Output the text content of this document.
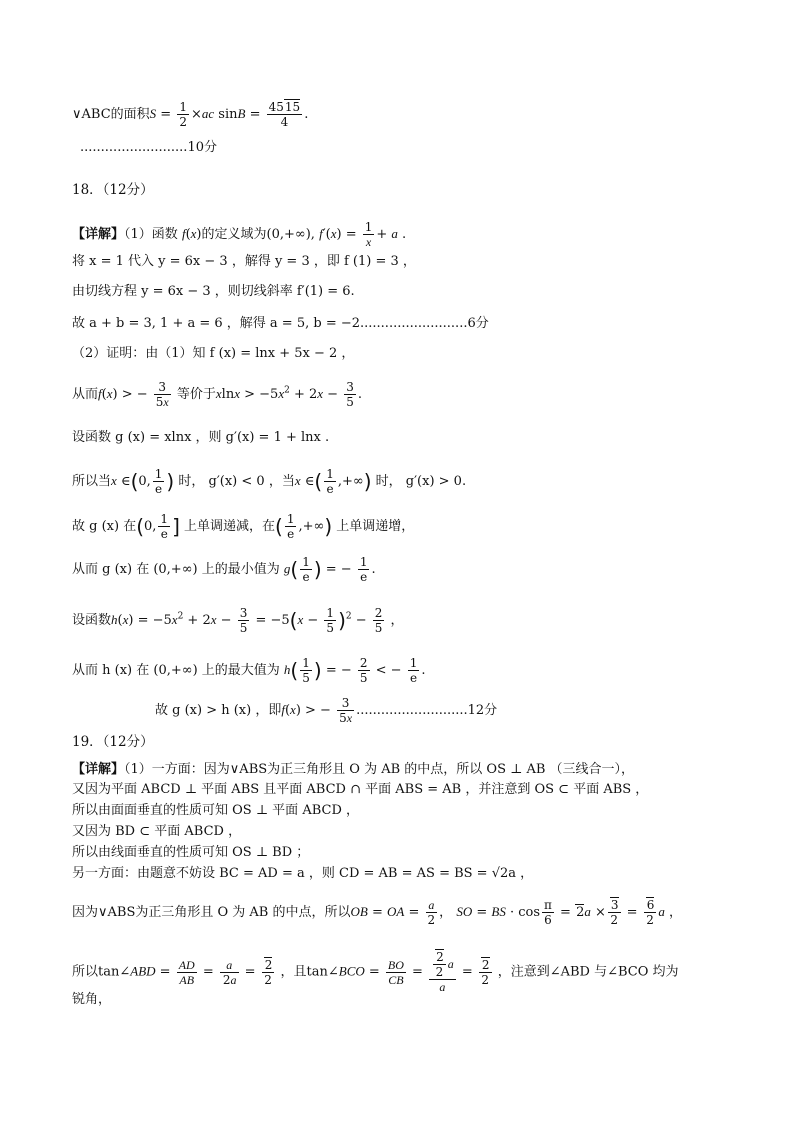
∨ABC的面积$S = \frac{1}{2} \times ac$ $\sin B = \frac{4515}{4}$ .
..........................10分
18．（12分）
【详解】（1）函数 f(x)的定义域为(0,+∞), $f'(x) = \frac{1}{x} + a$ .
将 x = 1 代入 y = 6x − 3 ，解得 y = 3 ，即 f (1) = 3 ，
由切线方程 y = 6x − 3 ，则切线斜率 f′(1) = 6.
故 a + b = 3, 1 + a = 6 ，解得 a = 5, b = −2..........................6分
（2）证明：由（1）知 f (x) = lnx + 5x − 2 ，
从而f(x) > − $\frac{3}{5x}$ 等价于$xlnx > -5x^2 + 2x - \frac{3}{5}$ .
设函数 g (x) = xlnx ，则 g′(x) = 1 + lnx .
所以当x ∈(0, $\frac{1}{e}$ ) 时， g′(x) < 0 ，当x ∈( $\frac{1}{e}$ ,+∞) 时， g′(x) > 0.
故 g (x) 在(0, $\frac{1}{e}$ ] 上单调递减，在( $\frac{1}{e}$ ,+∞) 上单调递增，
从而 g (x) 在 (0,+∞) 上的最小值为 $g( \frac{1}{e}$ ) = − $\frac{1}{e}$ .
设函数$h(x) = -5x^2 + 2x - \frac{3}{5} = -5(x - \frac{1}{5} )^2 - \frac{2}{5}$ ，
从而 h (x) 在 (0,+∞) 上的最大值为 $h( \frac{1}{5}$ ) = − $\frac{2}{5}$ < − $\frac{1}{e}$ .
故 g (x) > h (x) ，即f(x) > − $\frac{3}{5x} ...........................12$分
19．（12分）
【详解】（1）一方面：因为∨ABS为正三角形且 O 为 AB 的中点，所以 OS ⊥ AB （三线合一），
又因为平面 ABCD ⊥ 平面 ABS 且平面 ABCD ∩ 平面 ABS = AB ，并注意到 OS ⊂ 平面 ABS ，
所以由面面垂直的性质可知 OS ⊥ 平面 ABCD ，
又因为 BD ⊂ 平面 ABCD ，
所以由线面垂直的性质可知 OS ⊥ BD ；
另一方面：由题意不妨设 BC = AD = a ，则 CD = AB = AS = BS = √2a ，
因为∨ABS为正三角形且 O 为 AB 的中点，所以OB = OA = $\frac{a}{2}$ ， SO = BS · $\cos \frac{\pi}{6} = 2a \times \frac{3}{2} = \frac{6}{2}$ a ，
所以tan∠ABD = $\frac{AD}{AB} = \frac{a}{2a} = \frac{2}{2}$ ，且tan∠BCO = $\frac{BO}{CB} = \frac{\frac{2}{2} a}{a} = \frac{2}{2}$ ，注意到∠ABD 与∠BCO 均为
锐角，
